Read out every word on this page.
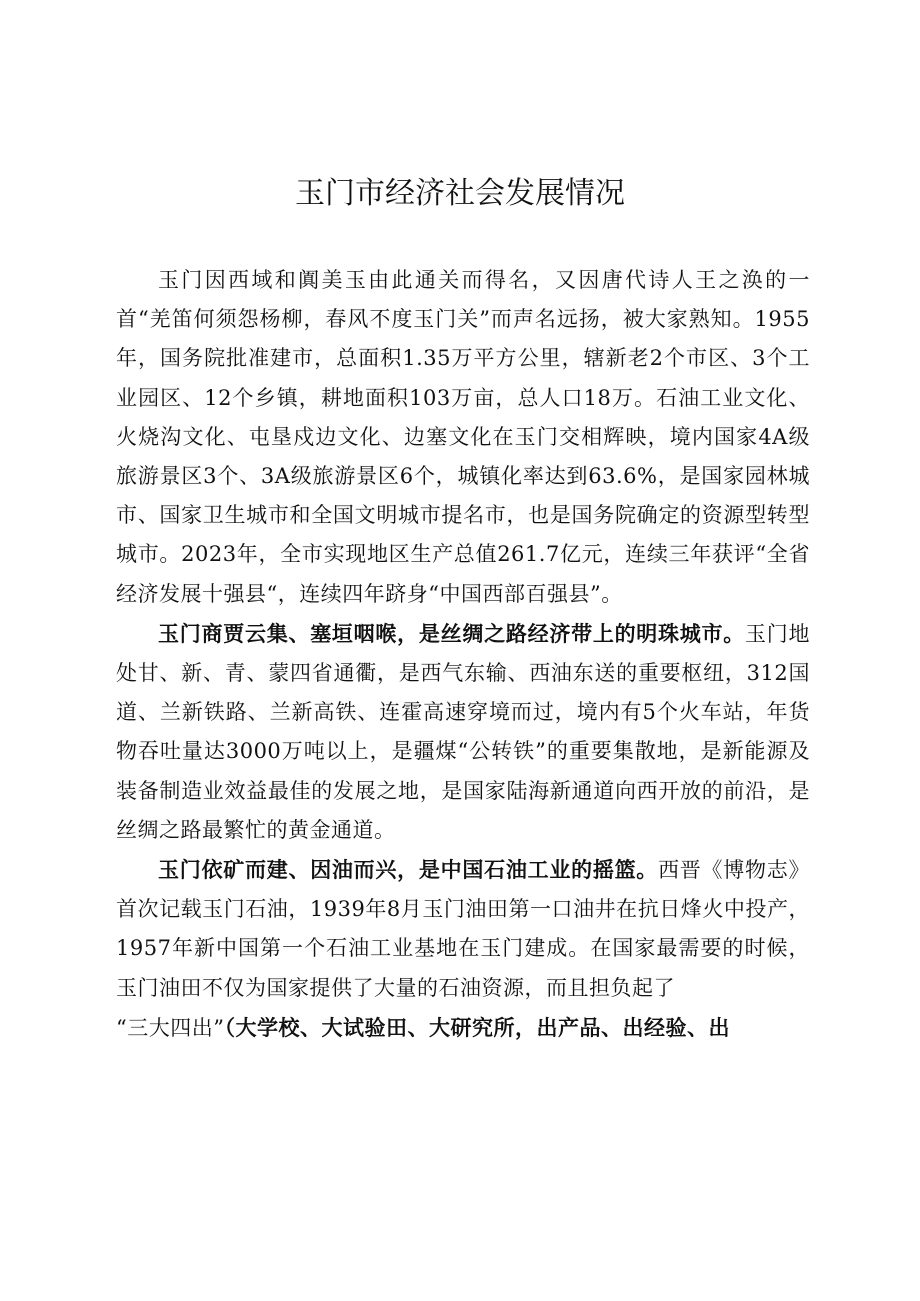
玉门市经济社会发展情况

玉门因西域和阗美玉由此通关而得名，又因唐代诗人王之涣的一首“羌笛何须怨杨柳，春风不度玉门关”而声名远扬，被大家熟知。1955年，国务院批准建市，总面积1.35万平方公里，辖新老2个市区、3个工业园区、12个乡镇，耕地面积103万亩，总人口18万。石油工业文化、火烧沟文化、屯垦戍边文化、边塞文化在玉门交相辉映，境内国家4A级旅游景区3个、3A级旅游景区6个，城镇化率达到63.6%，是国家园林城市、国家卫生城市和全国文明城市提名市，也是国务院确定的资源型转型城市。2023年，全市实现地区生产总值261.7亿元，连续三年获评“全省经济发展十强县“，连续四年跻身“中国西部百强县”。

玉门商贾云集、塞垣咽喉，是丝绸之路经济带上的明珠城市。玉门地处甘、新、青、蒙四省通衢，是西气东输、西油东送的重要枢纽，312国道、兰新铁路、兰新高铁、连霍高速穿境而过，境内有5个火车站，年货物吞吐量达3000万吨以上，是疆煤“公转铁”的重要集散地，是新能源及装备制造业效益最佳的发展之地，是国家陆海新通道向西开放的前沿，是丝绸之路最繁忙的黄金通道。

玉门依矿而建、因油而兴，是中国石油工业的摇篮。西晋《博物志》首次记载玉门石油，1939年8月玉门油田第一口油井在抗日烽火中投产，1957年新中国第一个石油工业基地在玉门建成。在国家最需要的时候，玉门油田不仅为国家提供了大量的石油资源，而且担负起了

“三大四出”（大学校、大试验田、大研究所，出产品、出经验、出
